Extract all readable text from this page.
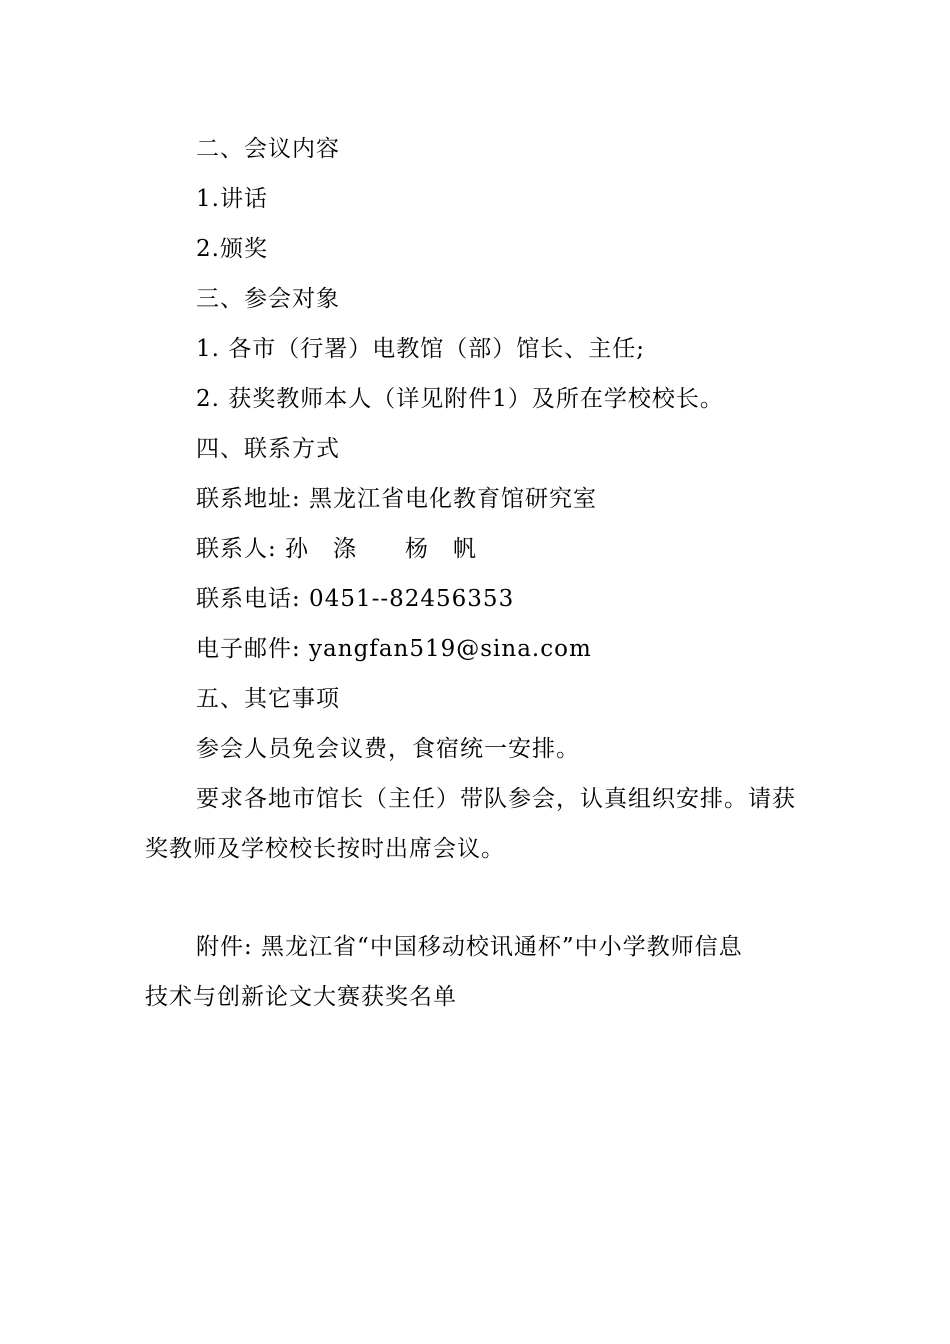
二、会议内容
1.讲话
2.颁奖
三、参会对象
1. 各市（行署）电教馆（部）馆长、主任;
2. 获奖教师本人（详见附件1）及所在学校校长。
四、联系方式
联系地址: 黑龙江省电化教育馆研究室
联系人: 孙　涤　　杨　帆
联系电话: 0451--82456353
电子邮件: yangfan519@sina.com
五、其它事项
参会人员免会议费，食宿统一安排。
要求各地市馆长（主任）带队参会，认真组织安排。请获
奖教师及学校校长按时出席会议。
附件: 黑龙江省“中国移动校讯通杯”中小学教师信息
技术与创新论文大赛获奖名单
